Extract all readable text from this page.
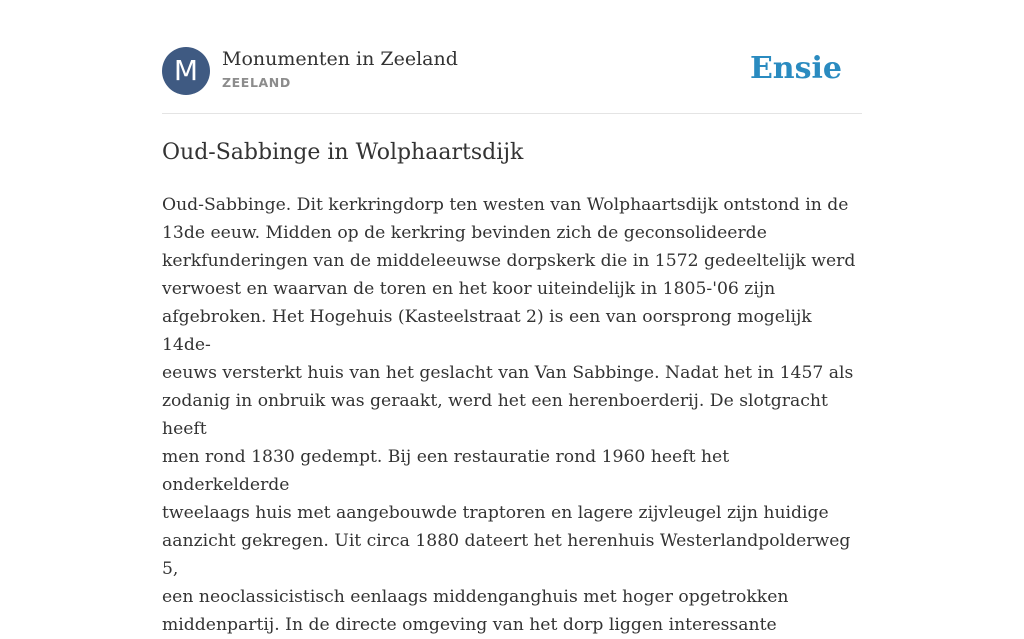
M	Monumenten in Zeeland
ZEELAND	Ensie
Oud-Sabbinge in Wolphaartsdijk

Oud-Sabbinge. Dit kerkringdorp ten westen van Wolphaartsdijk ontstond in de
13de eeuw. Midden op de kerkring bevinden zich de geconsolideerde
kerkfunderingen van de middeleeuwse dorpskerk die in 1572 gedeeltelijk werd
verwoest en waarvan de toren en het koor uiteindelijk in 1805-'06 zijn
afgebroken. Het Hogehuis (Kasteelstraat 2) is een van oorsprong mogelijk 14de-
eeuws versterkt huis van het geslacht van Van Sabbinge. Nadat het in 1457 als
zodanig in onbruik was geraakt, werd het een herenboerderij. De slotgracht heeft
men rond 1830 gedempt. Bij een restauratie rond 1960 heeft het onderkelderde
tweelaags huis met aangebouwde traptoren en lagere zijvleugel zijn huidige
aanzicht gekregen. Uit circa 1880 dateert het herenhuis Westerlandpolderweg 5,
een neoclassicistisch eenlaags middenganghuis met hoger opgetrokken
middenpartij. In de directe omgeving van het dorp liggen interessante
